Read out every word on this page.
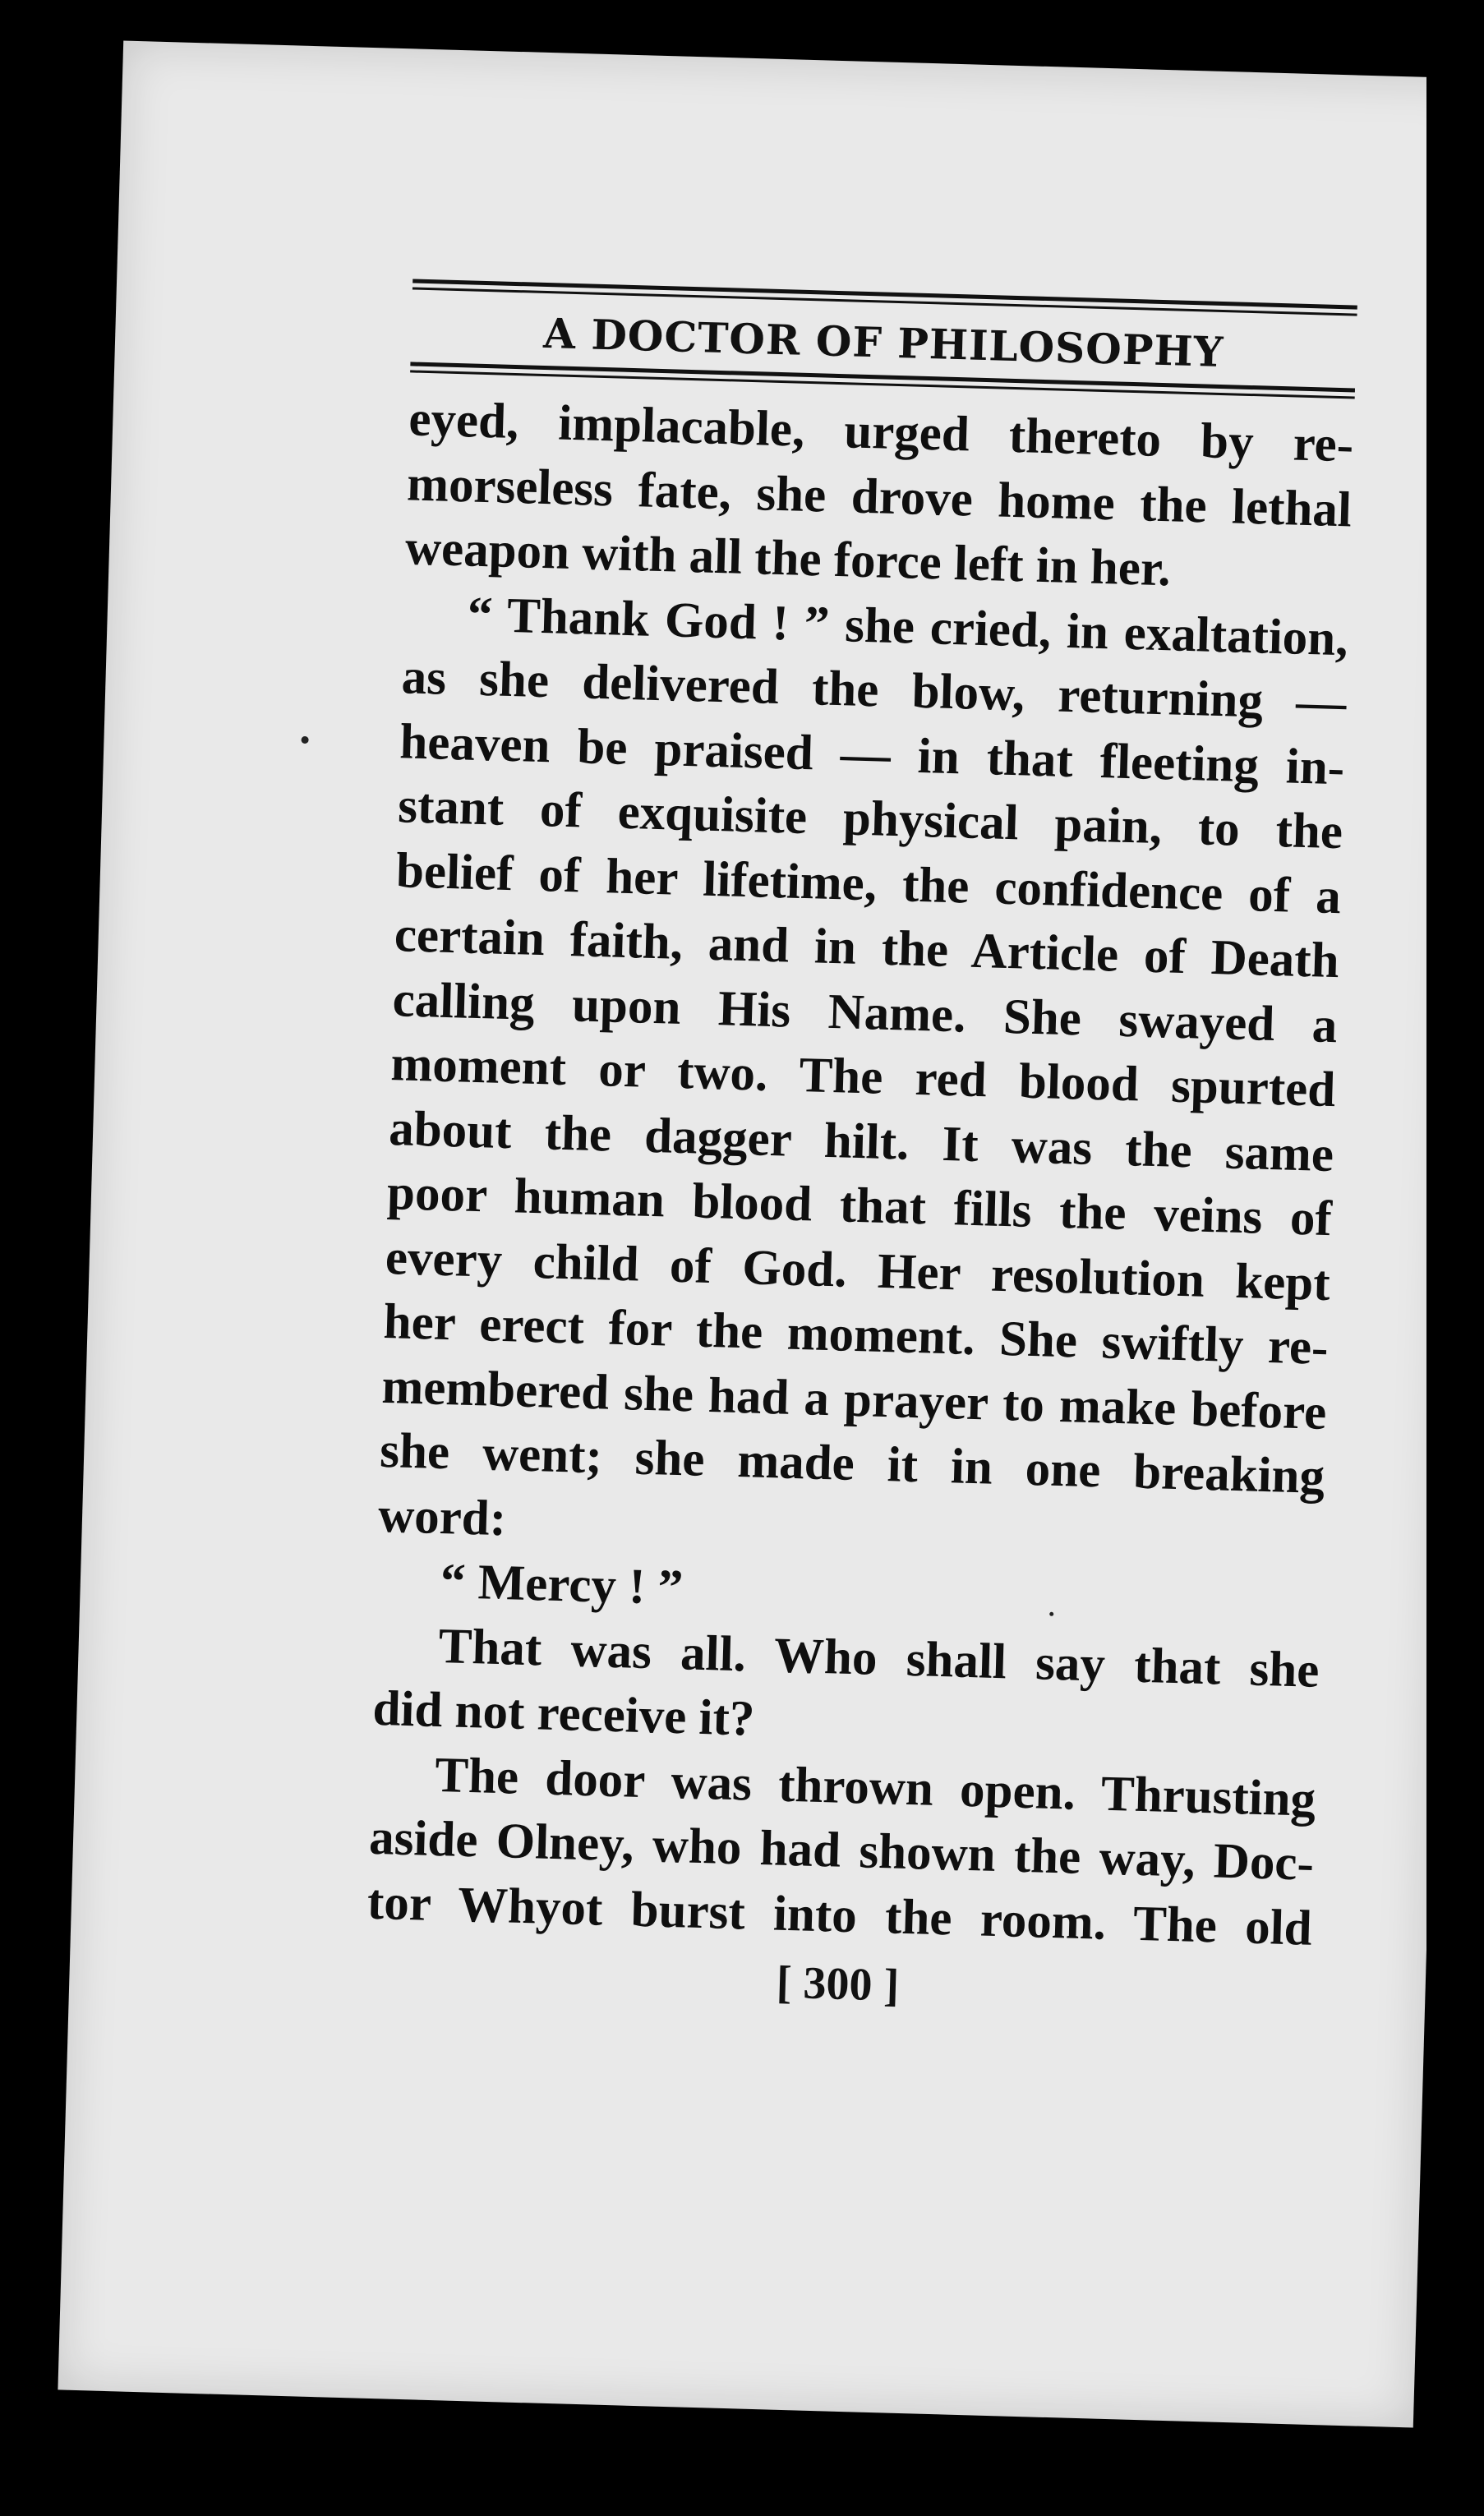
A DOCTOR OF PHILOSOPHY
eyed, implacable, urged thereto by re-
morseless fate, she drove home the lethal
weapon with all the force left in her.
“ Thank God ! ” she cried, in exaltation,
as she delivered the blow, returning —
heaven be praised — in that fleeting in-
stant of exquisite physical pain, to the
belief of her lifetime, the confidence of a
certain faith, and in the Article of Death
calling upon His Name. She swayed a
moment or two. The red blood spurted
about the dagger hilt. It was the same
poor human blood that fills the veins of
every child of God. Her resolution kept
her erect for the moment. She swiftly re-
membered she had a prayer to make before
she went; she made it in one breaking
word:
“ Mercy ! ”
That was all. Who shall say that she
did not receive it?
The door was thrown open. Thrusting
aside Olney, who had shown the way, Doc-
tor Whyot burst into the room. The old
[ 300 ]
